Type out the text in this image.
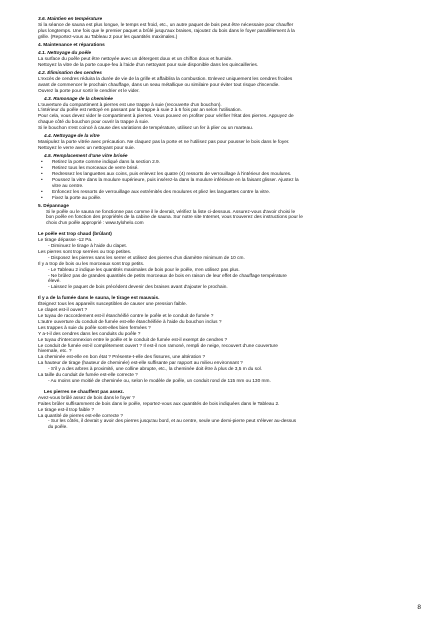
3.6. Maintien en température

Si la séance de sauna est plus longue, le temps est froid, etc., un autre paquet de bois peut être nécessaire pour chauffer
plus longtemps. Une fois que le premier paquet a brûlé jusqu'aux braises, rajoutez du bois dans le foyer parallèlement à la
grille. (Reportez-vous au Tableau 2 pour les quantités maximales.)

4. Maintenance et réparations

4.1. Nettoyage du poêle

La surface du poêle peut être nettoyée avec un détergent doux et un chiffon doux et humide.
Nettoyez la vitre de la porte coupe-feu à l'aide d'un nettoyant pour suie disponible dans les quincailleries.

4.2. Élimination des cendres

L'excès de cendres réduira la durée de vie de la grille et affaiblira la combustion. Enlevez uniquement les cendres froides
avant de commencer le prochain chauffage, dans un seau métallique ou similaire pour éviter tout risque d'incendie.
Ouvrez la porte pour sortir le cendrier et le vider.

4.3. Ramonage de la cheminée

L'ouverture du compartiment à pierres est une trappe à suie (recouverte d'un bouchon).
L'intérieur du poêle est nettoyé en passant par la trappe à suie 2 à 6 fois par an selon l'utilisation.
Pour cela, vous devez vider le compartiment à pierres. Vous pouvez en profiter pour vérifier l'état des pierres. Appuyez de
chaque côté du bouchon pour ouvrir la trappe à suie.
Si le bouchon s'est coincé à cause des variations de température, utilisez un fer à plier ou un marteau.

4.4. Nettoyage de la vitre

Manipulez la porte vitrée avec précaution. Ne claquez pas la porte et ne l'utilisez pas pour pousser le bois dans le foyer.
Nettoyez le verre avec un nettoyant pour suie.

4.5. Remplacement d'une vitre brisée

• Retirez la porte comme indiqué dans la section 2.9.
• Retirez tous les morceaux de verre brisé.
• Redressez les languettes aux coins, puis enlevez les quatre (4) ressorts de verrouillage à l'intérieur des moulures.
• Poussez la vitre dans la moulure supérieure, puis insérez-la dans la moulure inférieure en la faisant glisser. Ajustez la
vitre au centre.
• Enfoncez les ressorts de verrouillage aux extrémités des moulures et pliez les languettes contre la vitre.
• Fixez la porte au poêle.

5. Dépannage

Si le poêle ou le sauna ne fonctionne pas comme il le devrait, vérifiez la liste ci-dessous. Assurez-vous d'avoir choisi le
bon poêle en fonction des propriétés de la cabine de sauna. Sur notre site Internet, vous trouverez des instructions pour le
choix d'un poêle approprié : www.tylohelo.com

Le poêle est trop chaud (brûlant)

Le tirage dépasse -12 Pa.
- Diminuez le tirage à l'aide du clapet.
Les pierres sont trop serrées ou trop petites.
- Disposez les pierres sans les serrer et utilisez des pierres d'un diamètre minimum de 10 cm.
Il y a trop de bois ou les morceaux sont trop petits.
- Le Tableau 2 indique les quantités maximales de bois pour le poêle, n'en utilisez pas plus.
- Ne brûlez pas de grandes quantités de petits morceaux de bois en raison de leur effet de chauffage température
élevé.
- Laissez le paquet de bois précédent devenir des braises avant d'ajouter le prochain.

Il y a de la fumée dans le sauna, le tirage est mauvais.

Éteignez tous les appareils susceptibles de causer une pression faible.
Le clapet est-il ouvert ?
Le tuyau de raccordement est-il étanchéifié contre le poêle et le conduit de fumée ?
L'autre ouverture du conduit de fumée est-elle étanchéifiée à l'aide du bouchon inclus ?
Les trappes à suie du poêle sont-elles bien fermées ?
Y a-t-il des cendres dans les conduits du poêle ?
Le tuyau d'interconnexion entre le poêle et le conduit de fumée est-il exempt de cendres ?
Le conduit de fumée est-il complètement ouvert ? Il est-il non ramoné, rempli de neige, recouvert d'une couverture
hivernale, etc. ?
La cheminée est-elle en bon état ? Présente-t-elle des fissures, une altération ?
La hauteur de tirage (hauteur de cheminée) est-elle suffisante par rapport au milieu environnant ?
- S'il y a des arbres à proximité, une colline abrupte, etc., la cheminée doit être à plus de 3,5 m du sol.
La taille du conduit de fumée est-elle correcte ?
- Au moins une moitié de cheminée ou, selon le modèle de poêle, un conduit rond de 115 mm ou 130 mm.

Les pierres ne chauffent pas assez.

Avez-vous brûlé assez de bois dans le foyer ?
Faites brûler suffisamment de bois dans le poêle, reportez-vous aux quantités de bois indiquées dans le Tableau 2.
Le tirage est-il trop faible ?
La quantité de pierres est-elle correcte ?
- Sur les côtés, il devrait y avoir des pierres jusqu'au bord, et au centre, seule une demi-pierre peut s'élever au-dessus
du poêle.
8
